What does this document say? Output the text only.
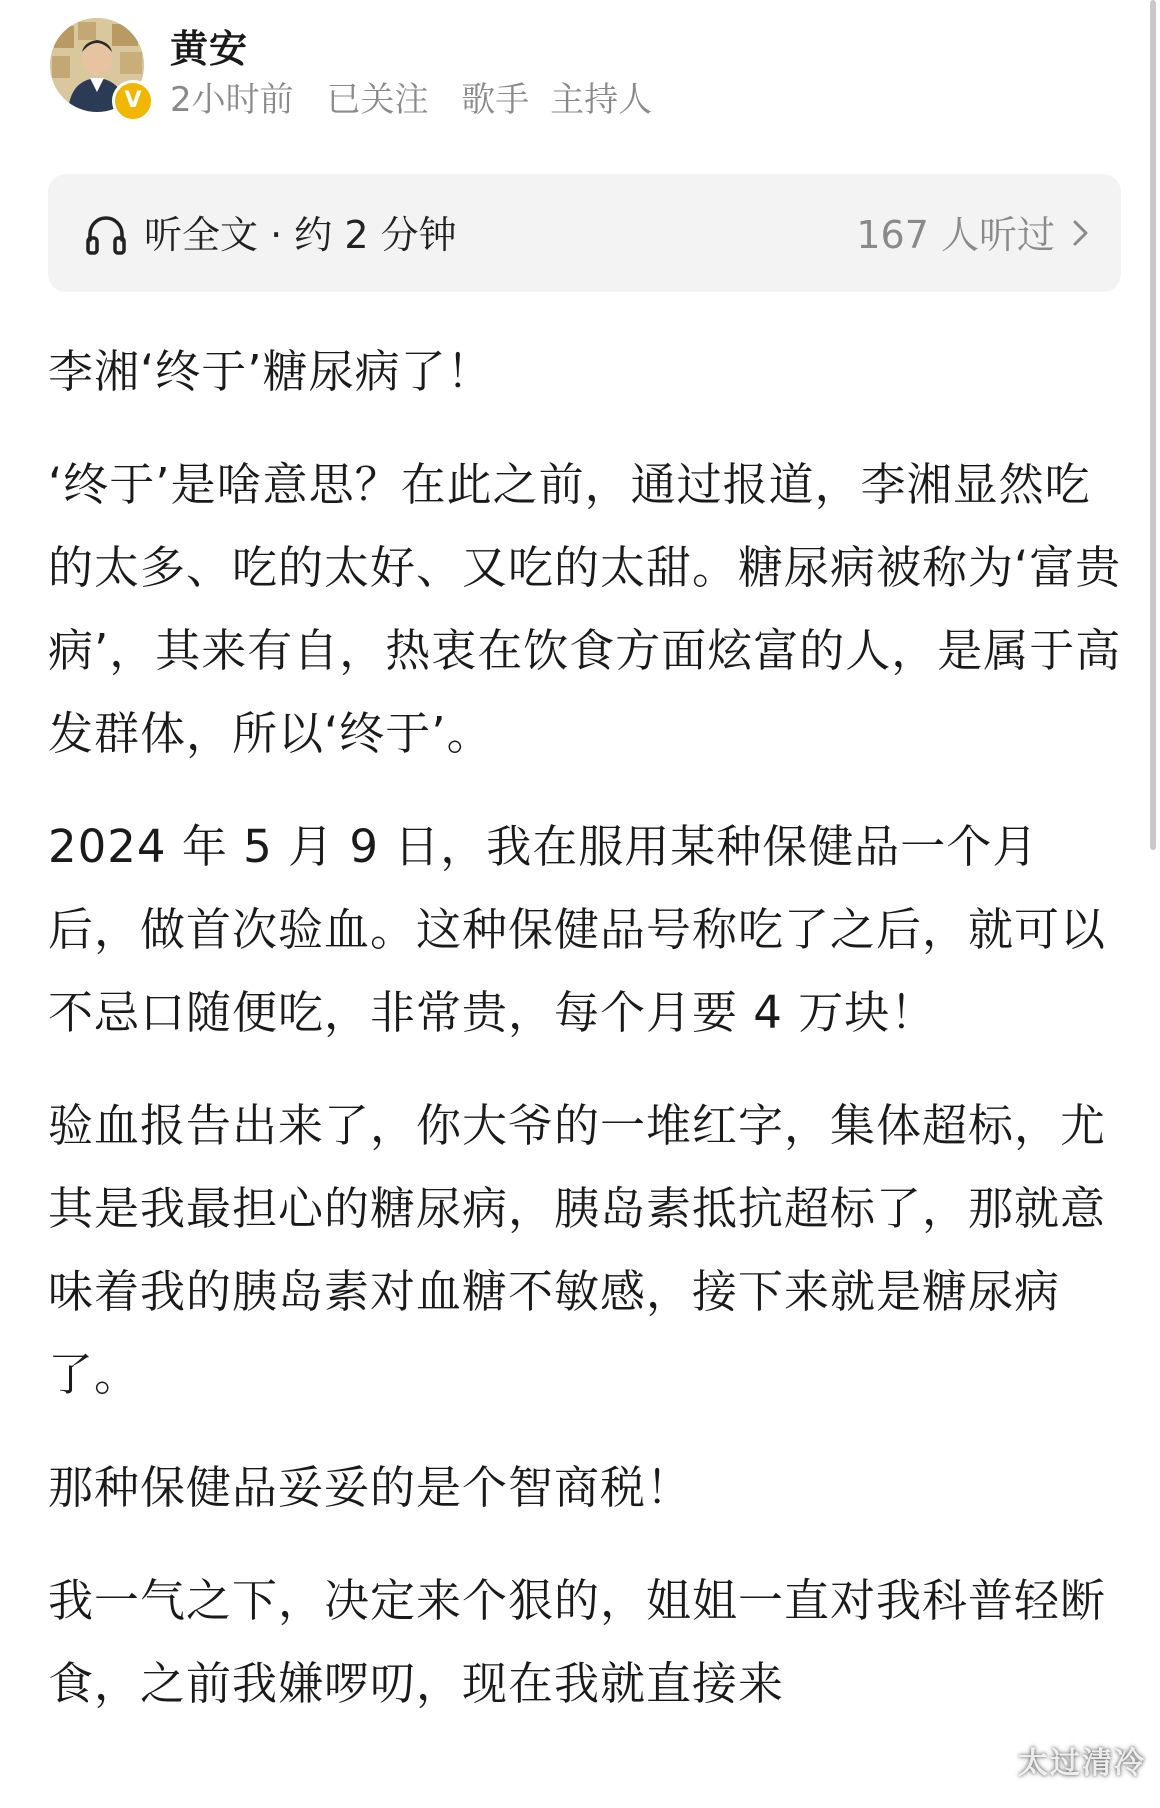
V
黄安
2小时前 已关注 歌手 主持人
听全文 · 约 2 分钟	167 人听过

李湘‘终于’糖尿病了！

‘终于’是啥意思？在此之前，通过报道，李湘显然吃的太多、吃的太好、又吃的太甜。糖尿病被称为‘富贵病’，其来有自，热衷在饮食方面炫富的人，是属于高发群体，所以‘终于’。

2024 年 5 月 9 日，我在服用某种保健品一个月后，做首次验血。这种保健品号称吃了之后，就可以不忌口随便吃，非常贵，每个月要 4 万块！

验血报告出来了，你大爷的一堆红字，集体超标，尤其是我最担心的糖尿病，胰岛素抵抗超标了，那就意味着我的胰岛素对血糖不敏感，接下来就是糖尿病了。

那种保健品妥妥的是个智商税！

我一气之下，决定来个狠的，姐姐一直对我科普轻断食，之前我嫌啰叨，现在我就直接来

太过清冷
